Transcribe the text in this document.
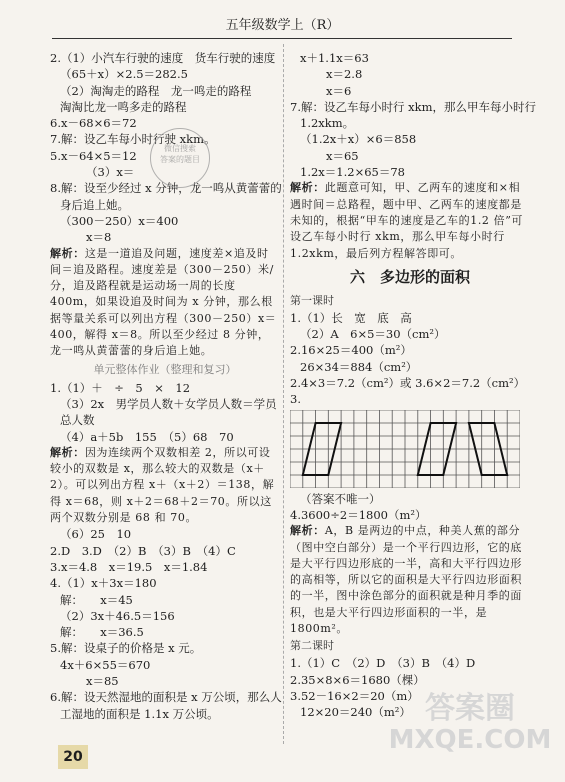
五年级数学上（R）
2.（1）小汽车行驶的速度　货车行驶的速度
（65＋x）×2.5＝282.5
（2）淘淘走的路程　龙一鸣走的路程
淘淘比龙一鸣多走的路程
6.x－68×6＝72
7.解：设乙车每小时行驶 xkm。
5.x－64×5＝12
（3）x＝
8.解：设至少经过 x 分钟，龙一鸣从黄蕾蕾的
身后追上她。
（300－250）x＝400
x＝8
解析：这是一道追及问题，速度差×追及时间＝追及路程。速度差是（300－250）米/分，追及路程就是运动场一周的长度 400m，如果设追及时间为 x 分钟，那么根据等量关系可以列出方程（300－250）x＝400，解得 x＝8。所以至少经过 8 分钟，龙一鸣从黄蕾蕾的身后追上她。
单元整体作业（整理和复习）
1.（1）＋　÷　5　×　12
（3）2x　男学员人数＋女学员人数＝学员
总人数
（4）a＋5b　155　（5）68　70
解析：因为连续两个双数相差 2，所以可设较小的双数是 x，那么较大的双数是（x＋2）。可以列出方程 x＋（x＋2）＝138，解得 x＝68，则 x＋2＝68＋2＝70。所以这两个双数分别是 68 和 70。
（6）25　10
2.D　3.D　（2）B　（3）B　（4）C
3.x＝4.8　x＝19.5　x＝1.84
4.（1）x＋3x＝180
解：　　x＝45
（2）3x＋46.5＝156
解：　　x＝36.5
5.解：设桌子的价格是 x 元。
4x＋6×55＝670
x＝85
6.解：设天然湿地的面积是 x 万公顷，那么人
工湿地的面积是 1.1x 万公顷。
x＋1.1x＝63
x＝2.8
x＝6
7.解：设乙车每小时行 xkm，那么甲车每小时行
1.2xkm。
（1.2x＋x）×6＝858
x＝65
1.2x＝1.2×65＝78
解析：此题意可知，甲、乙两车的速度和×相遇时间＝总路程，题中甲、乙两车的速度都是未知的，根据“甲车的速度是乙车的1.2 倍”可设乙车每小时行 xkm，那么甲车每小时行 1.2xkm，最后列方程解答即可。
六　 多边形的面积
第一课时
1.（1）长　宽　底　高
（2）A　6×5＝30（cm²）
2.16×25＝400（m²）
26×34＝884（cm²）
2.4×3＝7.2（cm²）或 3.6×2＝7.2（cm²）
3.
（答案不唯一）
4.3600÷2＝1800（m²）
解析：A，B 是两边的中点，种美人蕉的部分（图中空白部分）是一个平行四边形，它的底是大平行四边形底的一半，高和大平行四边形的高相等，所以它的面积是大平行四边形面积的一半，图中涂色部分的面积就是种月季的面积，也是大平行四边形面积的一半，是 1800m²。
第二课时
1.（1）C　（2）D　（3）B　（4）D
2.35×8×6＝1680（棵）
3.52－16×2＝20（m）
12×20＝240（m²）
微信搜索
答案的题目
答案圈
MXQE.COM
20
